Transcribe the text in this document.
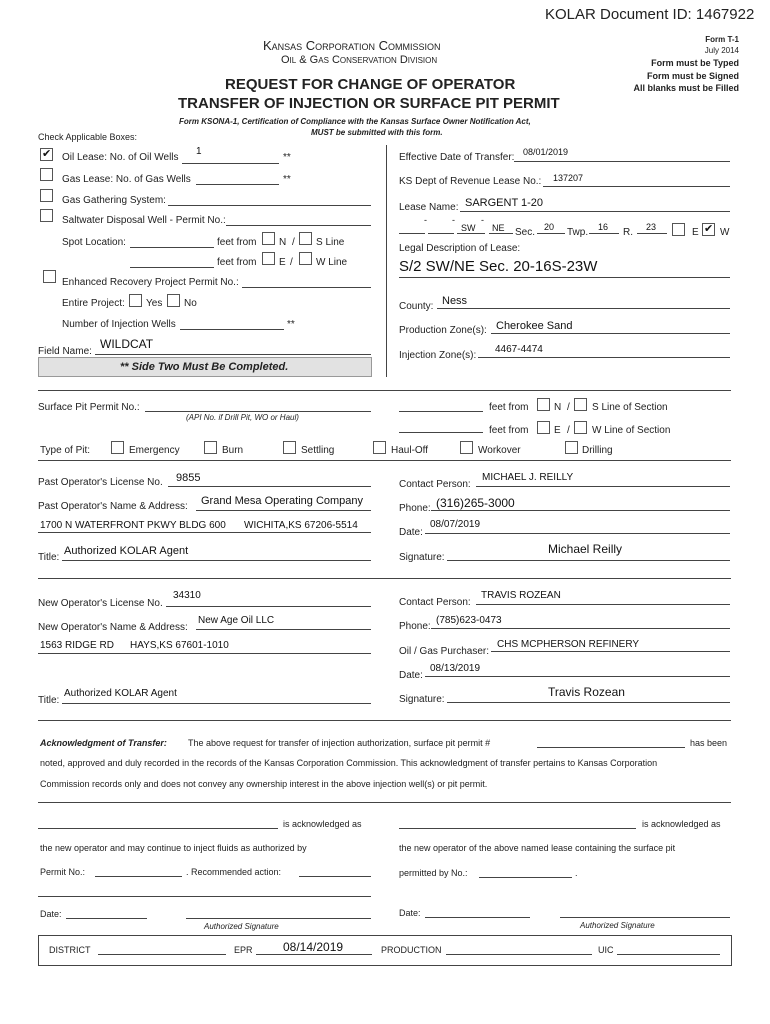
KOLAR Document ID: 1467922
Kansas Corporation Commission
Oil & Gas Conservation Division
REQUEST FOR CHANGE OF OPERATOR
TRANSFER OF INJECTION OR SURFACE PIT PERMIT
Form KSONA-1, Certification of Compliance with the Kansas Surface Owner Notification Act,
MUST be submitted with this form.
Form T-1
July 2014
Form must be Typed
Form must be Signed
All blanks must be Filled
Check Applicable Boxes:
✔
Oil Lease: No. of Oil Wells
1
**
Gas Lease: No. of Gas Wells	**
Gas Gathering System:
Saltwater Disposal Well - Permit No.:
Spot Location:	feet from N / S Line
feet from E / W Line
Enhanced Recovery Project Permit No.:
Entire Project: Yes No
Number of Injection Wells	**
Field Name:
WILDCAT
** Side Two Must Be Completed.
Effective Date of Transfer: 08/01/2019
KS Dept of Revenue Lease No.: 137207
Lease Name: SARGENT 1-20
-	-	-
SW NE Sec. 20 Twp. 16 R. 23	E
✔ W
Legal Description of Lease:
S/2 SW/NE Sec. 20-16S-23W
County: Ness
Production Zone(s): Cherokee Sand
Injection Zone(s):
4467-4474
Surface Pit Permit No.:
(API No. if Drill Pit, WO or Haul)
feet from	N / S Line of Section
feet from	E / W Line of Section
Type of Pit:	Emergency	Burn	Settling	Haul-Off	Workover	Drilling
Past Operator's License No. 9855
Past Operator's Name & Address: Grand Mesa Operating Company
1700 N WATERFRONT PKWY BLDG 600 WICHITA,KS 67206-5514
Title:
Authorized KOLAR Agent
Contact Person:
MICHAEL J. REILLY
Phone: (316)265-3000
Date:
08/07/2019
Signature:
Michael Reilly
New Operator's License No.
34310
New Operator's Name & Address:
New Age Oil LLC
1563 RIDGE RD HAYS,KS 67601-1010
Title:
Authorized KOLAR Agent
Contact Person:
TRAVIS ROZEAN
Phone:
(785)623-0473
Oil / Gas Purchaser:
CHS MCPHERSON REFINERY
Date:
08/13/2019
Signature:
Travis Rozean
Acknowledgment of Transfer: The above request for transfer of injection authorization, surface pit permit #	has been
noted, approved and duly recorded in the records of the Kansas Corporation Commission. This acknowledgment of transfer pertains to Kansas Corporation
Commission records only and does not convey any ownership interest in the above injection well(s) or pit permit.
is acknowledged as	is acknowledged as
the new operator and may continue to inject fluids as authorized by	the new operator of the above named lease containing the surface pit
Permit No.:	. Recommended action:	permitted by No.:	.
Date:
Authorized Signature
Date:
Authorized Signature
DISTRICT	EPR	08/14/2019	PRODUCTION	UIC
